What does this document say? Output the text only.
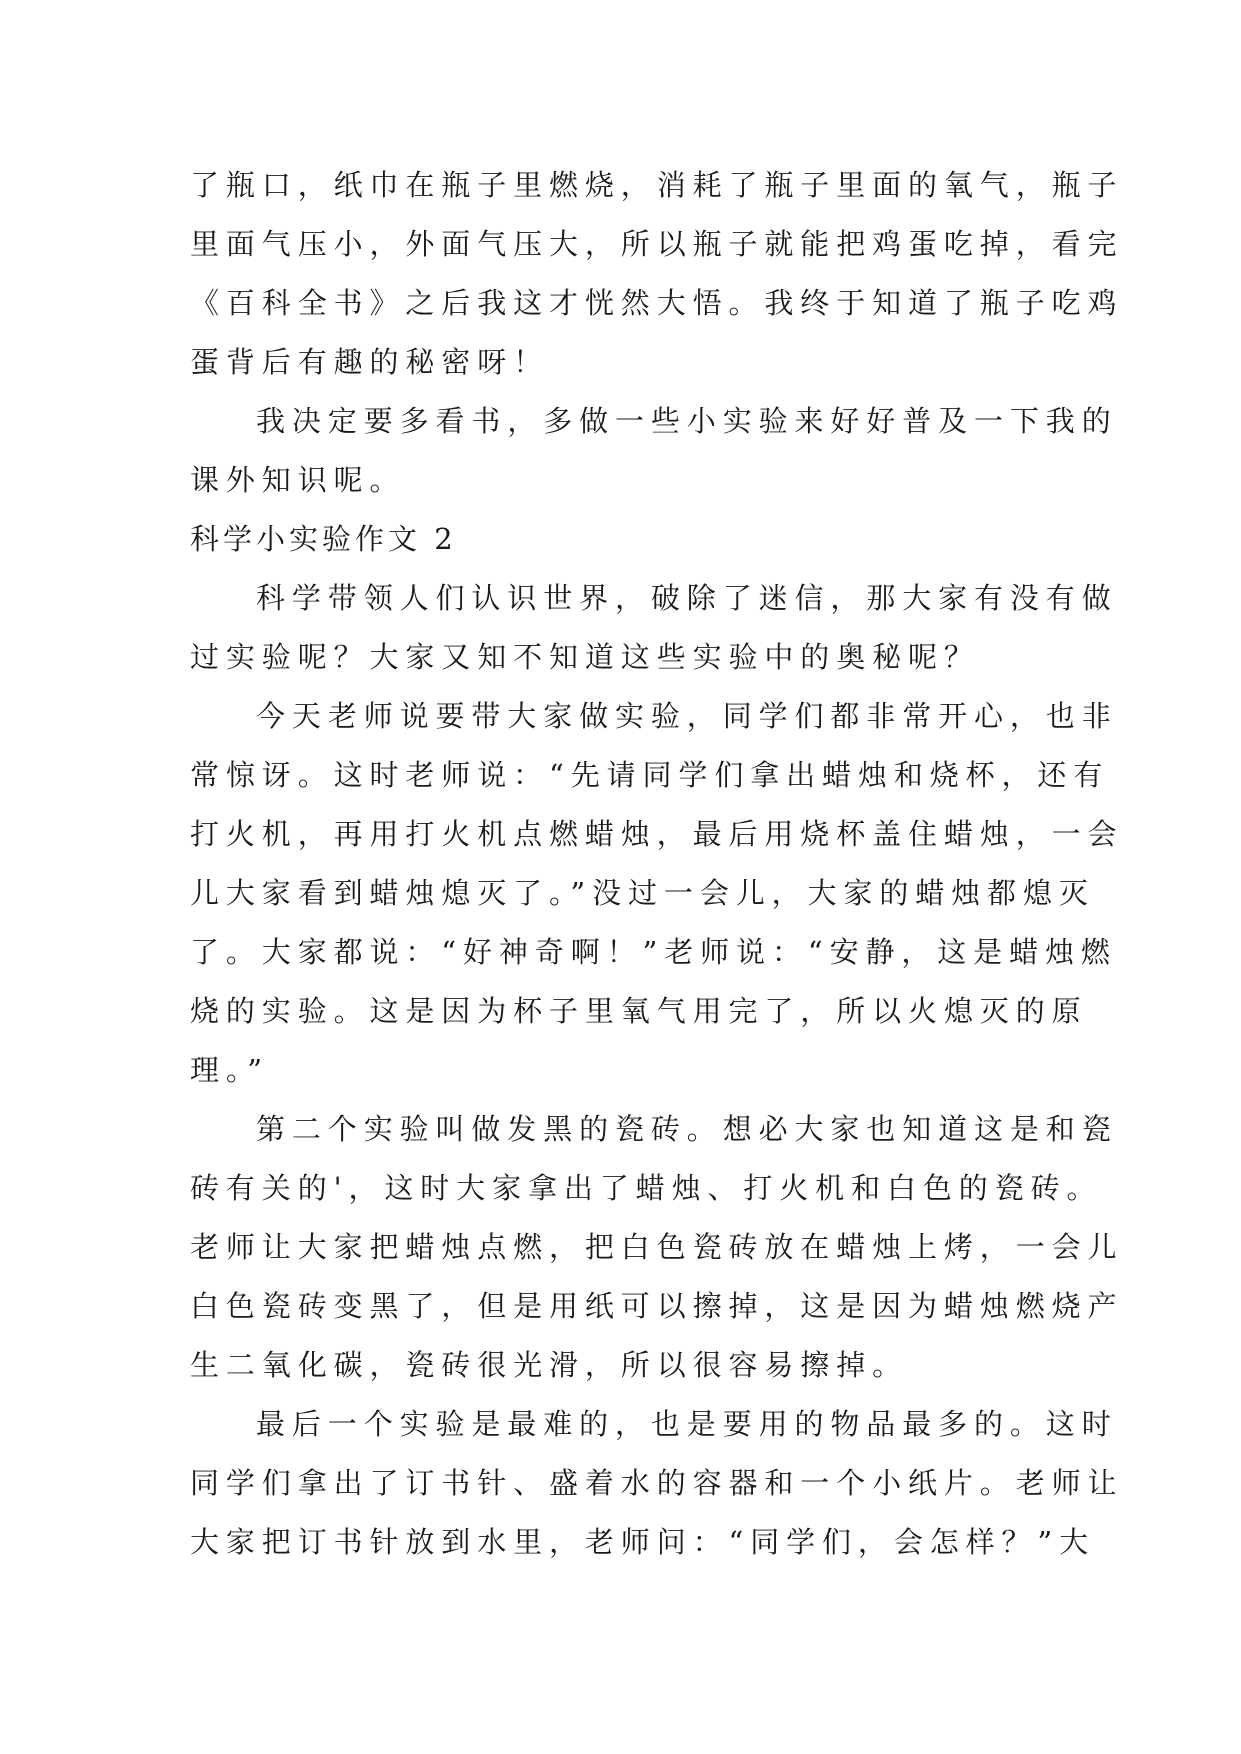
了瓶口，纸巾在瓶子里燃烧，消耗了瓶子里面的氧气，瓶子

里面气压小，外面气压大，所以瓶子就能把鸡蛋吃掉，看完

《百科全书》之后我这才恍然大悟。我终于知道了瓶子吃鸡

蛋背后有趣的秘密呀！

我决定要多看书，多做一些小实验来好好普及一下我的

课外知识呢。

科学小实验作文 2

科学带领人们认识世界，破除了迷信，那大家有没有做

过实验呢？大家又知不知道这些实验中的奥秘呢？

今天老师说要带大家做实验，同学们都非常开心，也非

常惊讶。这时老师说：“先请同学们拿出蜡烛和烧杯，还有

打火机，再用打火机点燃蜡烛，最后用烧杯盖住蜡烛，一会

儿大家看到蜡烛熄灭了。”没过一会儿，大家的蜡烛都熄灭

了。大家都说：“好神奇啊！”老师说：“安静，这是蜡烛燃

烧的实验。这是因为杯子里氧气用完了，所以火熄灭的原

理。”

第二个实验叫做发黑的瓷砖。想必大家也知道这是和瓷

砖有关的'，这时大家拿出了蜡烛、打火机和白色的瓷砖。

老师让大家把蜡烛点燃，把白色瓷砖放在蜡烛上烤，一会儿

白色瓷砖变黑了，但是用纸可以擦掉，这是因为蜡烛燃烧产

生二氧化碳，瓷砖很光滑，所以很容易擦掉。

最后一个实验是最难的，也是要用的物品最多的。这时

同学们拿出了订书针、盛着水的容器和一个小纸片。老师让

大家把订书针放到水里，老师问：“同学们，会怎样？”大
